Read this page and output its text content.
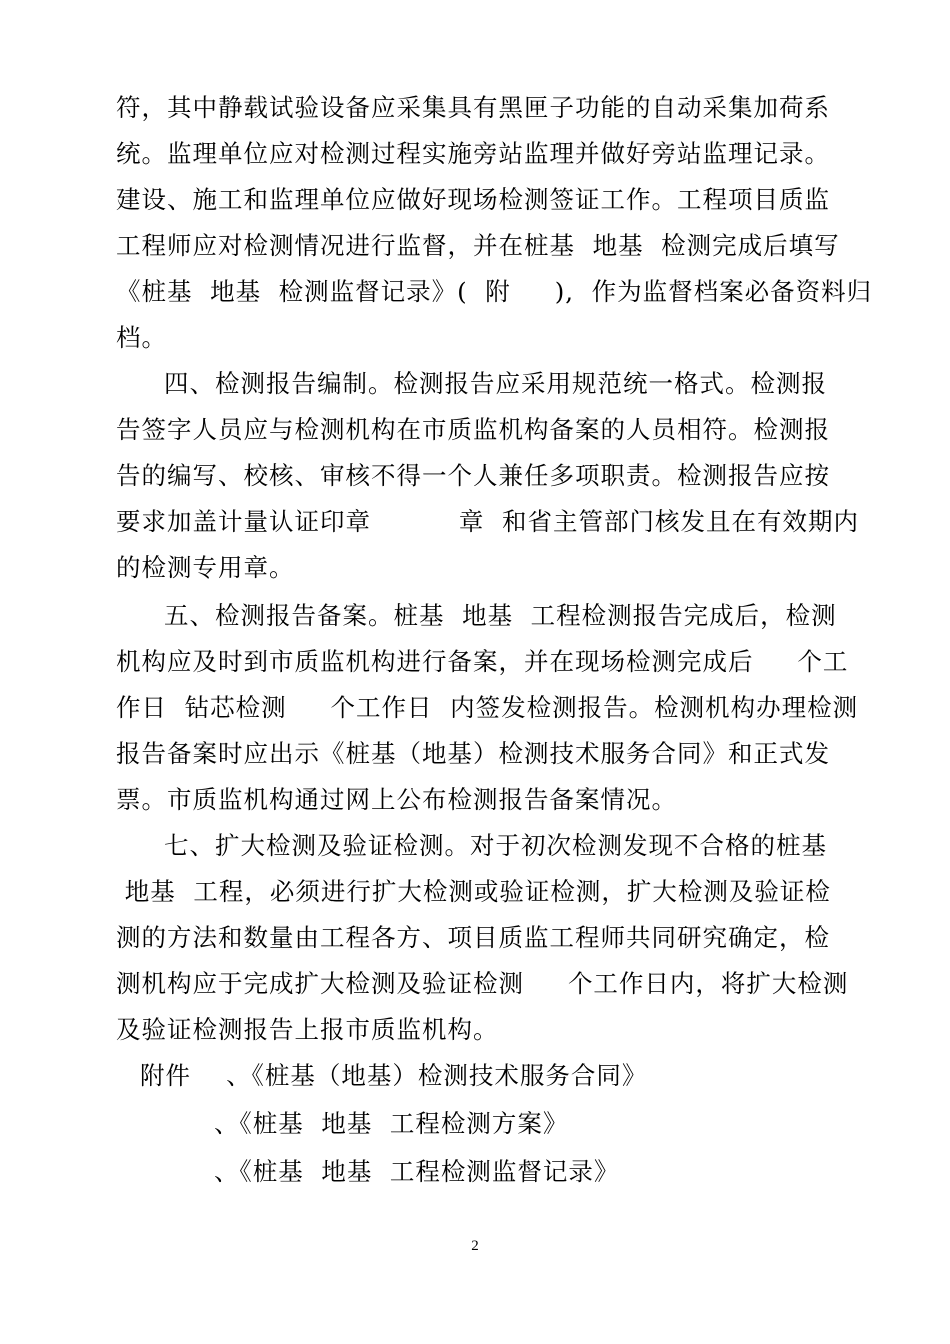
符，其中静载试验设备应采集具有黑匣子功能的自动采集加荷系
统。监理单位应对检测过程实施旁站监理并做好旁站监理记录。
建设、施工和监理单位应做好现场检测签证工作。工程项目质监
工程师应对检测情况进行监督，并在桩基  地基  检测完成后填写
《桩基  地基  检测监督记录》(  附     ),  作为监督档案必备资料归
档。
四、检测报告编制。检测报告应采用规范统一格式。检测报
告签字人员应与检测机构在市质监机构备案的人员相符。检测报
告的编写、校核、审核不得一个人兼任多项职责。检测报告应按
要求加盖计量认证印章          章  和省主管部门核发且在有效期内
的检测专用章。
五、检测报告备案。桩基  地基  工程检测报告完成后，检测
机构应及时到市质监机构进行备案，并在现场检测完成后     个工
作日  钻芯检测     个工作日  内签发检测报告。检测机构办理检测
报告备案时应出示《桩基（地基）检测技术服务合同》和正式发
票。市质监机构通过网上公布检测报告备案情况。
七、扩大检测及验证检测。对于初次检测发现不合格的桩基
地基  工程，必须进行扩大检测或验证检测，扩大检测及验证检
测的方法和数量由工程各方、项目质监工程师共同研究确定，检
测机构应于完成扩大检测及验证检测     个工作日内，将扩大检测
及验证检测报告上报市质监机构。
附件    、《桩基（地基）检测技术服务合同》
、《桩基  地基  工程检测方案》
、《桩基  地基  工程检测监督记录》
2
